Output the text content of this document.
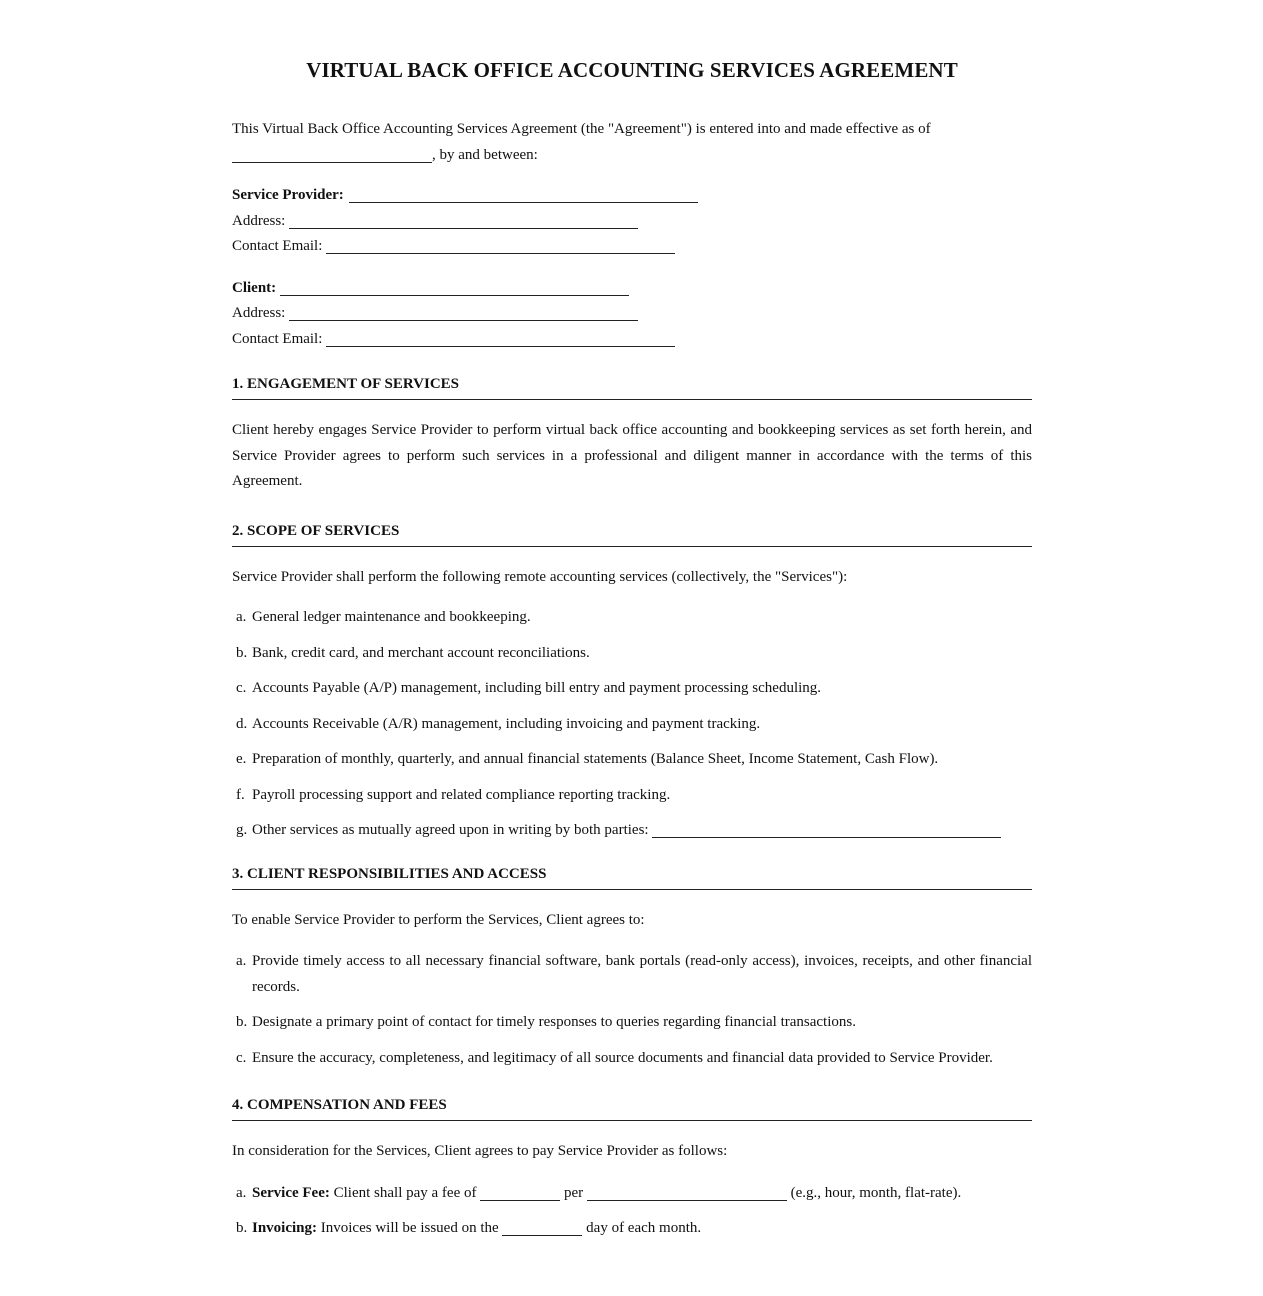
VIRTUAL BACK OFFICE ACCOUNTING SERVICES AGREEMENT

This Virtual Back Office Accounting Services Agreement (the "Agreement") is entered into and made effective as of
, by and between:

Service Provider:
Address:
Contact Email:
Client:
Address:
Contact Email:
1. ENGAGEMENT OF SERVICES

Client hereby engages Service Provider to perform virtual back office accounting and bookkeeping services as set forth herein, and Service Provider agrees to perform such services in a professional and diligent manner in accordance with the terms of this Agreement.

2. SCOPE OF SERVICES

Service Provider shall perform the following remote accounting services (collectively, the "Services"):

a. General ledger maintenance and bookkeeping.
b. Bank, credit card, and merchant account reconciliations.
c. Accounts Payable (A/P) management, including bill entry and payment processing scheduling.
d. Accounts Receivable (A/R) management, including invoicing and payment tracking.
e. Preparation of monthly, quarterly, and annual financial statements (Balance Sheet, Income Statement, Cash Flow).
f. Payroll processing support and related compliance reporting tracking.
g. Other services as mutually agreed upon in writing by both parties:
3. CLIENT RESPONSIBILITIES AND ACCESS

To enable Service Provider to perform the Services, Client agrees to:

a. Provide timely access to all necessary financial software, bank portals (read-only access), invoices, receipts, and other financial records.
b. Designate a primary point of contact for timely responses to queries regarding financial transactions.
c. Ensure the accuracy, completeness, and legitimacy of all source documents and financial data provided to Service Provider.
4. COMPENSATION AND FEES

In consideration for the Services, Client agrees to pay Service Provider as follows:

a. Service Fee: Client shall pay a fee of	per	(e.g., hour, month, flat-rate).
b. Invoicing: Invoices will be issued on the	day of each month.
